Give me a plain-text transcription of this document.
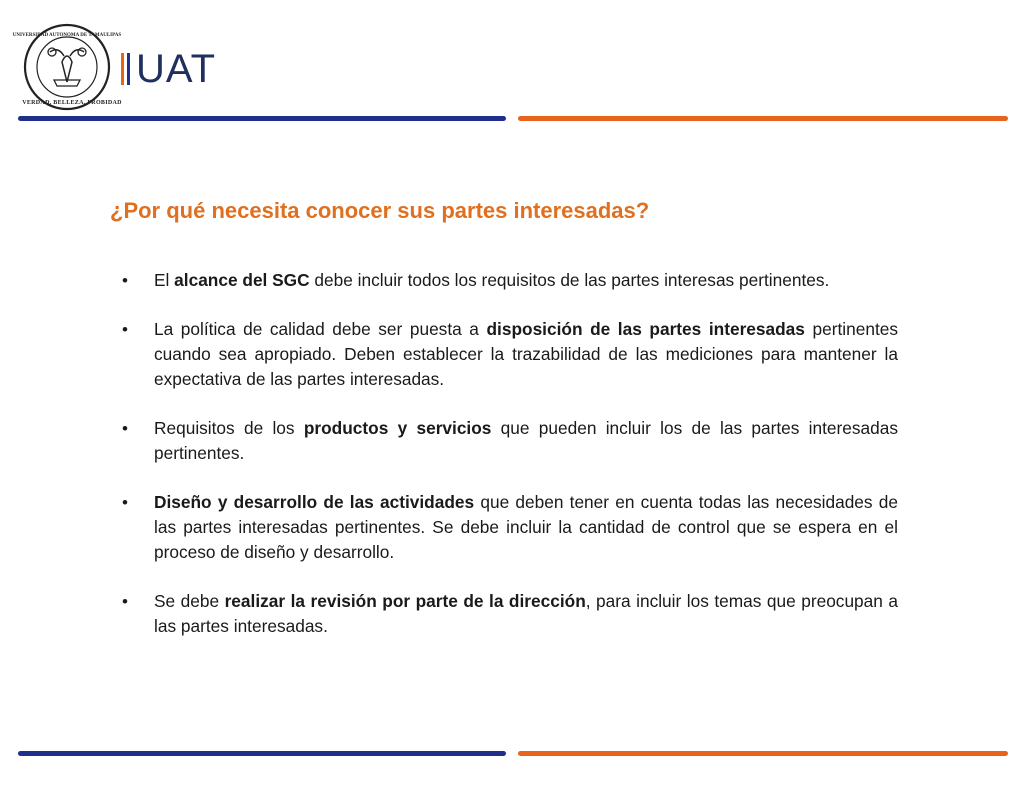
UNIVERSIDAD AUTONOMA DE TAMAULIPAS
VERDAD, BELLEZA, PROBIDAD
UAT
¿Por qué necesita conocer sus partes interesadas?
• El alcance del SGC debe incluir todos los requisitos de las partes interesas pertinentes.
• La política de calidad debe ser puesta a disposición de las partes interesadas pertinentes cuando sea apropiado. Deben establecer la trazabilidad de las mediciones para mantener la expectativa de las partes interesadas.
• Requisitos de los productos y servicios que pueden incluir los de las partes interesadas pertinentes.
• Diseño y desarrollo de las actividades que deben tener en cuenta todas las necesidades de las partes interesadas pertinentes. Se debe incluir la cantidad de control que se espera en el proceso de diseño y desarrollo.
• Se debe realizar la revisión por parte de la dirección, para incluir los temas que preocupan a las partes interesadas.
